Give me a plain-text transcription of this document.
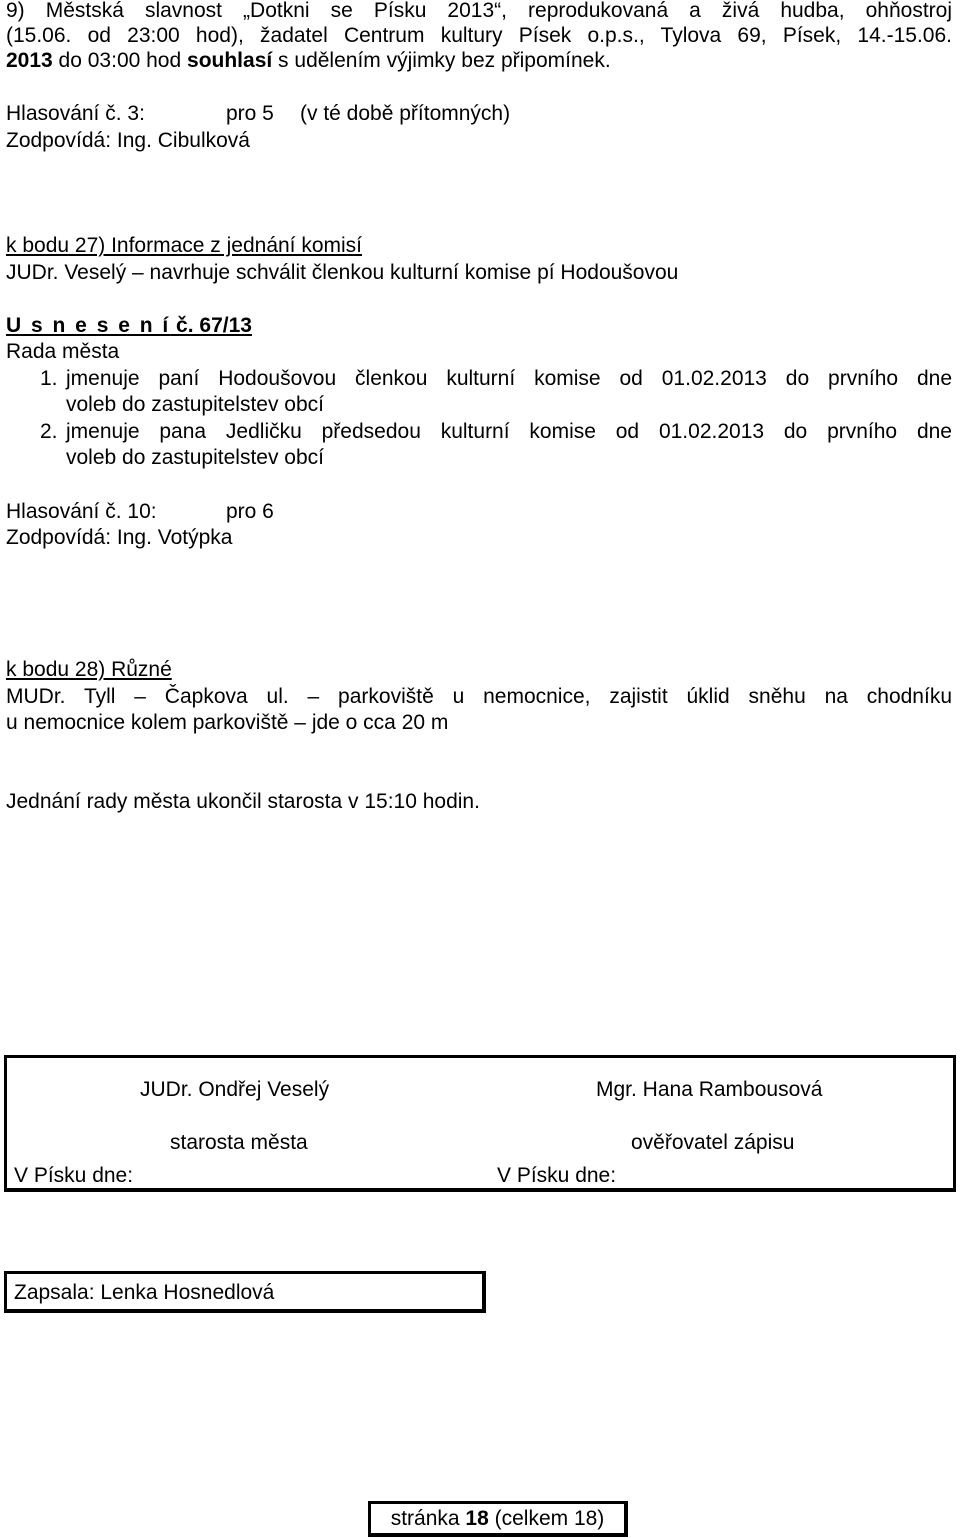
9) Městská slavnost „Dotkni se Písku 2013“, reprodukovaná a živá hudba, ohňostroj
(15.06. od 23:00 hod), žadatel Centrum kultury Písek o.p.s., Tylova 69, Písek, 14.-15.06.
2013 do 03:00 hod souhlasí s udělením výjimky bez připomínek.
Hlasování č. 3:	pro 5 (v té době přítomných)
Zodpovídá: Ing. Cibulková
k bodu 27) Informace z jednání komisí
JUDr. Veselý – navrhuje schválit členkou kulturní komise pí Hodoušovou
U s n e s e n í č. 67/13
Rada města
1. jmenuje paní Hodoušovou členkou kulturní komise od 01.02.2013 do prvního dne
voleb do zastupitelstev obcí
2. jmenuje pana Jedličku předsedou kulturní komise od 01.02.2013 do prvního dne
voleb do zastupitelstev obcí
Hlasování č. 10:	pro 6
Zodpovídá: Ing. Votýpka
k bodu 28) Různé
MUDr. Tyll – Čapkova ul. – parkoviště u nemocnice, zajistit úklid sněhu na chodníku
u nemocnice kolem parkoviště – jde o cca 20 m
Jednání rady města ukončil starosta v 15:10 hodin.
JUDr. Ondřej Veselý	Mgr. Hana Rambousová
starosta města	ověřovatel zápisu
V Písku dne:	V Písku dne:
Zapsala: Lenka Hosnedlová
stránka 18 (celkem 18)
